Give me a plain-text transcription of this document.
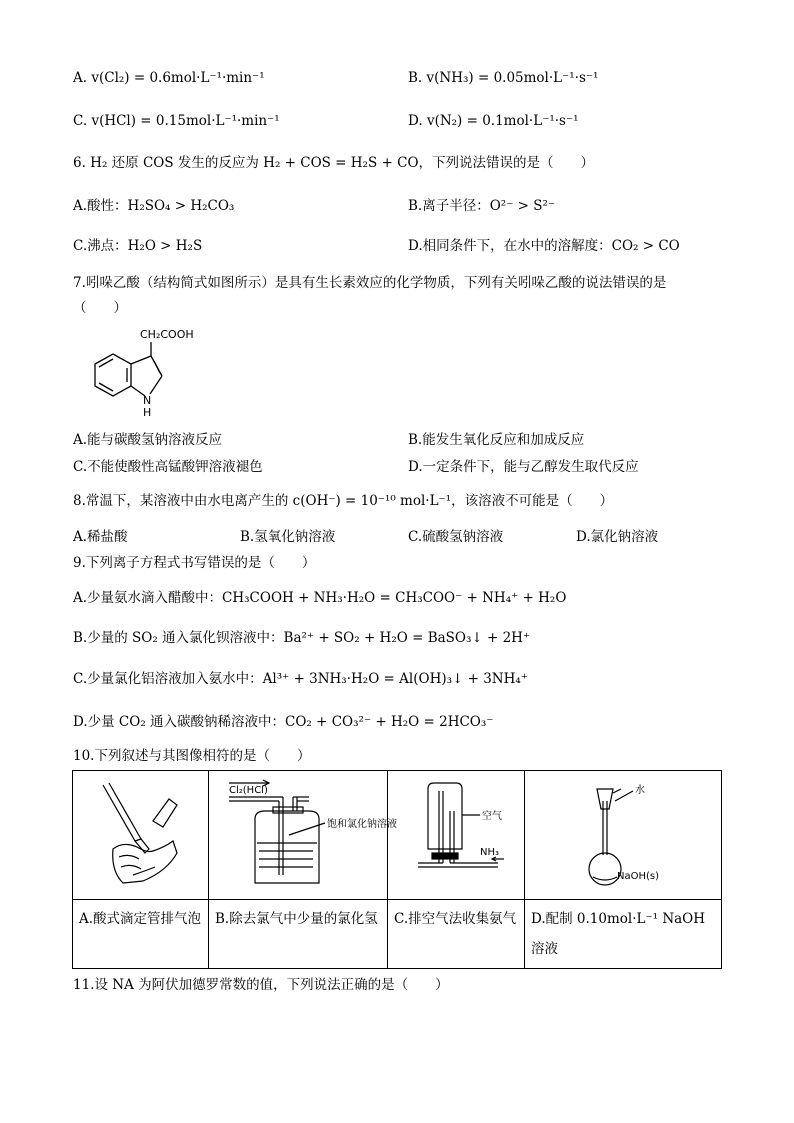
A. v(Cl₂) = 0.6mol·L⁻¹·min⁻¹	B. v(NH₃) = 0.05mol·L⁻¹·s⁻¹
C. v(HCl) = 0.15mol·L⁻¹·min⁻¹	D. v(N₂) = 0.1mol·L⁻¹·s⁻¹
6. H₂ 还原 COS 发生的反应为 H₂ + COS = H₂S + CO，下列说法错误的是（　　）
A.酸性：H₂SO₄ > H₂CO₃	B.离子半径：O²⁻ > S²⁻
C.沸点：H₂O > H₂S	D.相同条件下，在水中的溶解度：CO₂ > CO
7.吲哚乙酸（结构简式如图所示）是具有生长素效应的化学物质，下列有关吲哚乙酸的说法错误的是
（　　）
CH₂COOH
N
H
A.能与碳酸氢钠溶液反应	B.能发生氧化反应和加成反应
C.不能使酸性高锰酸钾溶液褪色	D.一定条件下，能与乙醇发生取代反应
8.常温下，某溶液中由水电离产生的 c(OH⁻) = 10⁻¹⁰ mol·L⁻¹，该溶液不可能是（　　）
A.稀盐酸	B.氢氧化钠溶液	C.硫酸氢钠溶液	D.氯化钠溶液
9.下列离子方程式书写错误的是（　　）
A.少量氨水滴入醋酸中：CH₃COOH + NH₃·H₂O = CH₃COO⁻ + NH₄⁺ + H₂O
B.少量的 SO₂ 通入氯化钡溶液中：Ba²⁺ + SO₂ + H₂O = BaSO₃↓ + 2H⁺
C.少量氯化铝溶液加入氨水中：Al³⁺ + 3NH₃·H₂O = Al(OH)₃↓ + 3NH₄⁺
D.少量 CO₂ 通入碳酸钠稀溶液中：CO₂ + CO₃²⁻ + H₂O = 2HCO₃⁻
10.下列叙述与其图像相符的是（　　）

Cl₂(HCl)
饱和氯化钠溶液	空气
NH₃	水
NaOH(s)

A.酸式滴定管排气泡	B.除去氯气中少量的氯化氢	C.排空气法收集氨气	D.配制 0.10mol·L⁻¹ NaOH 溶液
11.设 NA 为阿伏加德罗常数的值，下列说法正确的是（　　）
